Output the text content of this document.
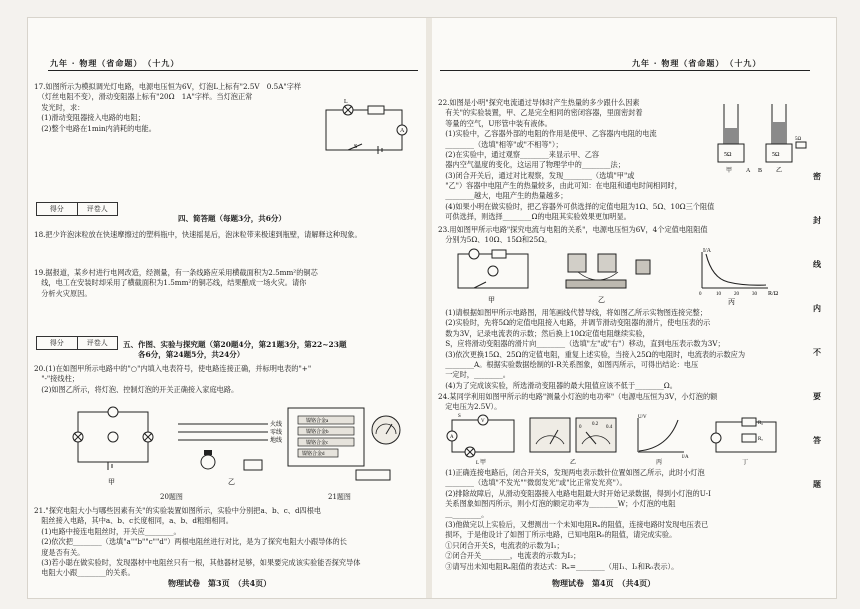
九年 · 物理（省命题）　（十九）

17.如图所示为模拟调光灯电路，电源电压恒为6V，灯泡L上标有"2.5V　0.5A"字样

　（灯丝电阻不变），滑动变阻器上标有"20Ω　1A"字样。当灯泡正常

　发光时，求：

　(1)滑动变阻器接入电路的电阻；

　(2)整个电路在1min内消耗的电能。

L
A
S
得分	评卷人
四、简答题（每题3分，共6分）

18.把少许泡沫粒放在快速摩擦过的塑料瓶中，快速摇晃后，泡沫粒带来极速到瓶壁，请解释这种现象。

19.据报道，某乡村进行电网改造，经测量，有一条线路应采用横截面积为2.5mm²的铜芯

　线，电工在安装时却采用了横截面积为1.5mm²的铜芯线，结果酿成一场火灾。请你

　分析火灾原因。

得分	评卷人	五、作图、实验与探究题（第20题4分，第21题3分，第22~23题
　　各6分，第24题5分，共24分）

20.(1)在如图甲所示电路中的"○"内填入电表符号，使电路连接正确，并标明电表的"+"

　"-"接线柱；

　(2)如图乙所示，将灯泡、控制灯泡的开关正确接入家庭电路。

甲
火线
零线
地线
乙
镍铬合金a
镍铬合金b
镍铬合金c
镍铬合金d
20题图	21题图

21."探究电阻大小与哪些因素有关"的实验装置如图所示，实验中分别把a、b、c、d四根电

　阻丝接入电路，其中a、b、c长度相同，a、b、d粗细相同。

　(1)电路中接连电阻丝时，开关应________。

　(2)依次把________（选填"a""b""c""d"）两根电阻丝进行对比，是为了探究电阻大小跟导体的长

　度是否有关。

　(3)若小聪在做实验时，发现器材中电阻丝只有一根，其他器材足够，如果要完成该实验能否探究导体

　电阻大小跟________的关系。

物理试卷　第3页　（共4页）
九年 · 物理（省命题）　（十九）

22.如图是小明"探究电流通过导体时产生热量的多少跟什么因素

　有关"的实验装置，甲、乙是完全相同的密闭容器，里面密封着

　等量的空气，U形管中装有液体。

　(1)实验中，乙容器外部的电阻的作用是使甲、乙容器内电阻的电流

　________（选填"相等"或"不相等"）；

　(2)在实验中，通过观察________来显示甲、乙容

　器内空气温度的变化，这运用了物理学中的________法；

　(3)闭合开关后，通过对比观察，发现________（选填"甲"或

　"乙"）容器中电阻产生的热量较多，由此可知：在电阻和通电时间相同时，

　________越大，电阻产生的热量越多；

　(4)如果小明在做实验时，把乙容器外可供选择的定值电阻为1Ω、5Ω、10Ω三个阻值

　可供选择，则选择________Ω的电阻其实验效果更加明显。

5Ω	5Ω
5Ω
甲 A B 乙

23.用如图甲所示电路"探究电流与电阻的关系"，电源电压恒为6V，4个定值电阻阻值

　分别为5Ω、10Ω、15Ω和25Ω。

甲	乙
I/A
R/Ω
0	10	20	30
丙

　(1)请根据如图甲所示电路图，用笔画线代替导线，将如图乙所示实物图连接完整；

　(2)实验时，先将5Ω的定值电阻接入电路，并调节滑动变阻器的滑片，使电压表的示

　数为3V，记录电流表的示数；然后换上10Ω定值电阻继续实验，

　S，应将滑动变阻器的滑片向________（选填"左"或"右"）移动，直到电压表示数为3V；

　(3)依次更换15Ω、25Ω的定值电阻，重复上述实验，当接入25Ω的电阻时，电流表的示数应为

　________A。根据实验数据绘制的I-R关系图象，如图丙所示，可得出结论：电压

　一定时，________。

　(4)为了完成该实验，所选滑动变阻器的最大阻值应该不低于________Ω。

24.某同学利用如图甲所示的电路"测量小灯泡的电功率"（电源电压恒为3V，小灯泡的额

　定电压为2.5V）。

S
L
V
A
甲
0
0.2
0.4
乙
U/V
I/A
丙
R₀
Rₓ
丁

　(1)正确连接电路后，闭合开关S，发现两电表示数针位置如图乙所示，此时小灯泡

　________（选填"不发光""微弱发光"或"比正常发光亮"）。

　(2)排除故障后，从滑动变阻器接入电路电阻最大时开始记录数据，得到小灯泡的U-I

　关系图象如图丙所示，则小灯泡的额定功率为________W；小灯泡的电阻

　＿________。

　(3)他做完以上实验后，又想测出一个未知电阻Rₓ的阻值，连接电路时发现电压表已

　损坏，于是他设计了如图丁所示电路，已知电阻R₀的阻值，请完成实验。

　①只闭合开关S，电流表的示数为I₁；

　②闭合开关________，电流表的示数为I₂；

　③请写出未知电阻Rₓ阻值的表达式：Rₓ=________（用I₁、I₂和R₀表示）。

物理试卷　第4页　（共4页）
密
封
线
内
不
要
答
题
